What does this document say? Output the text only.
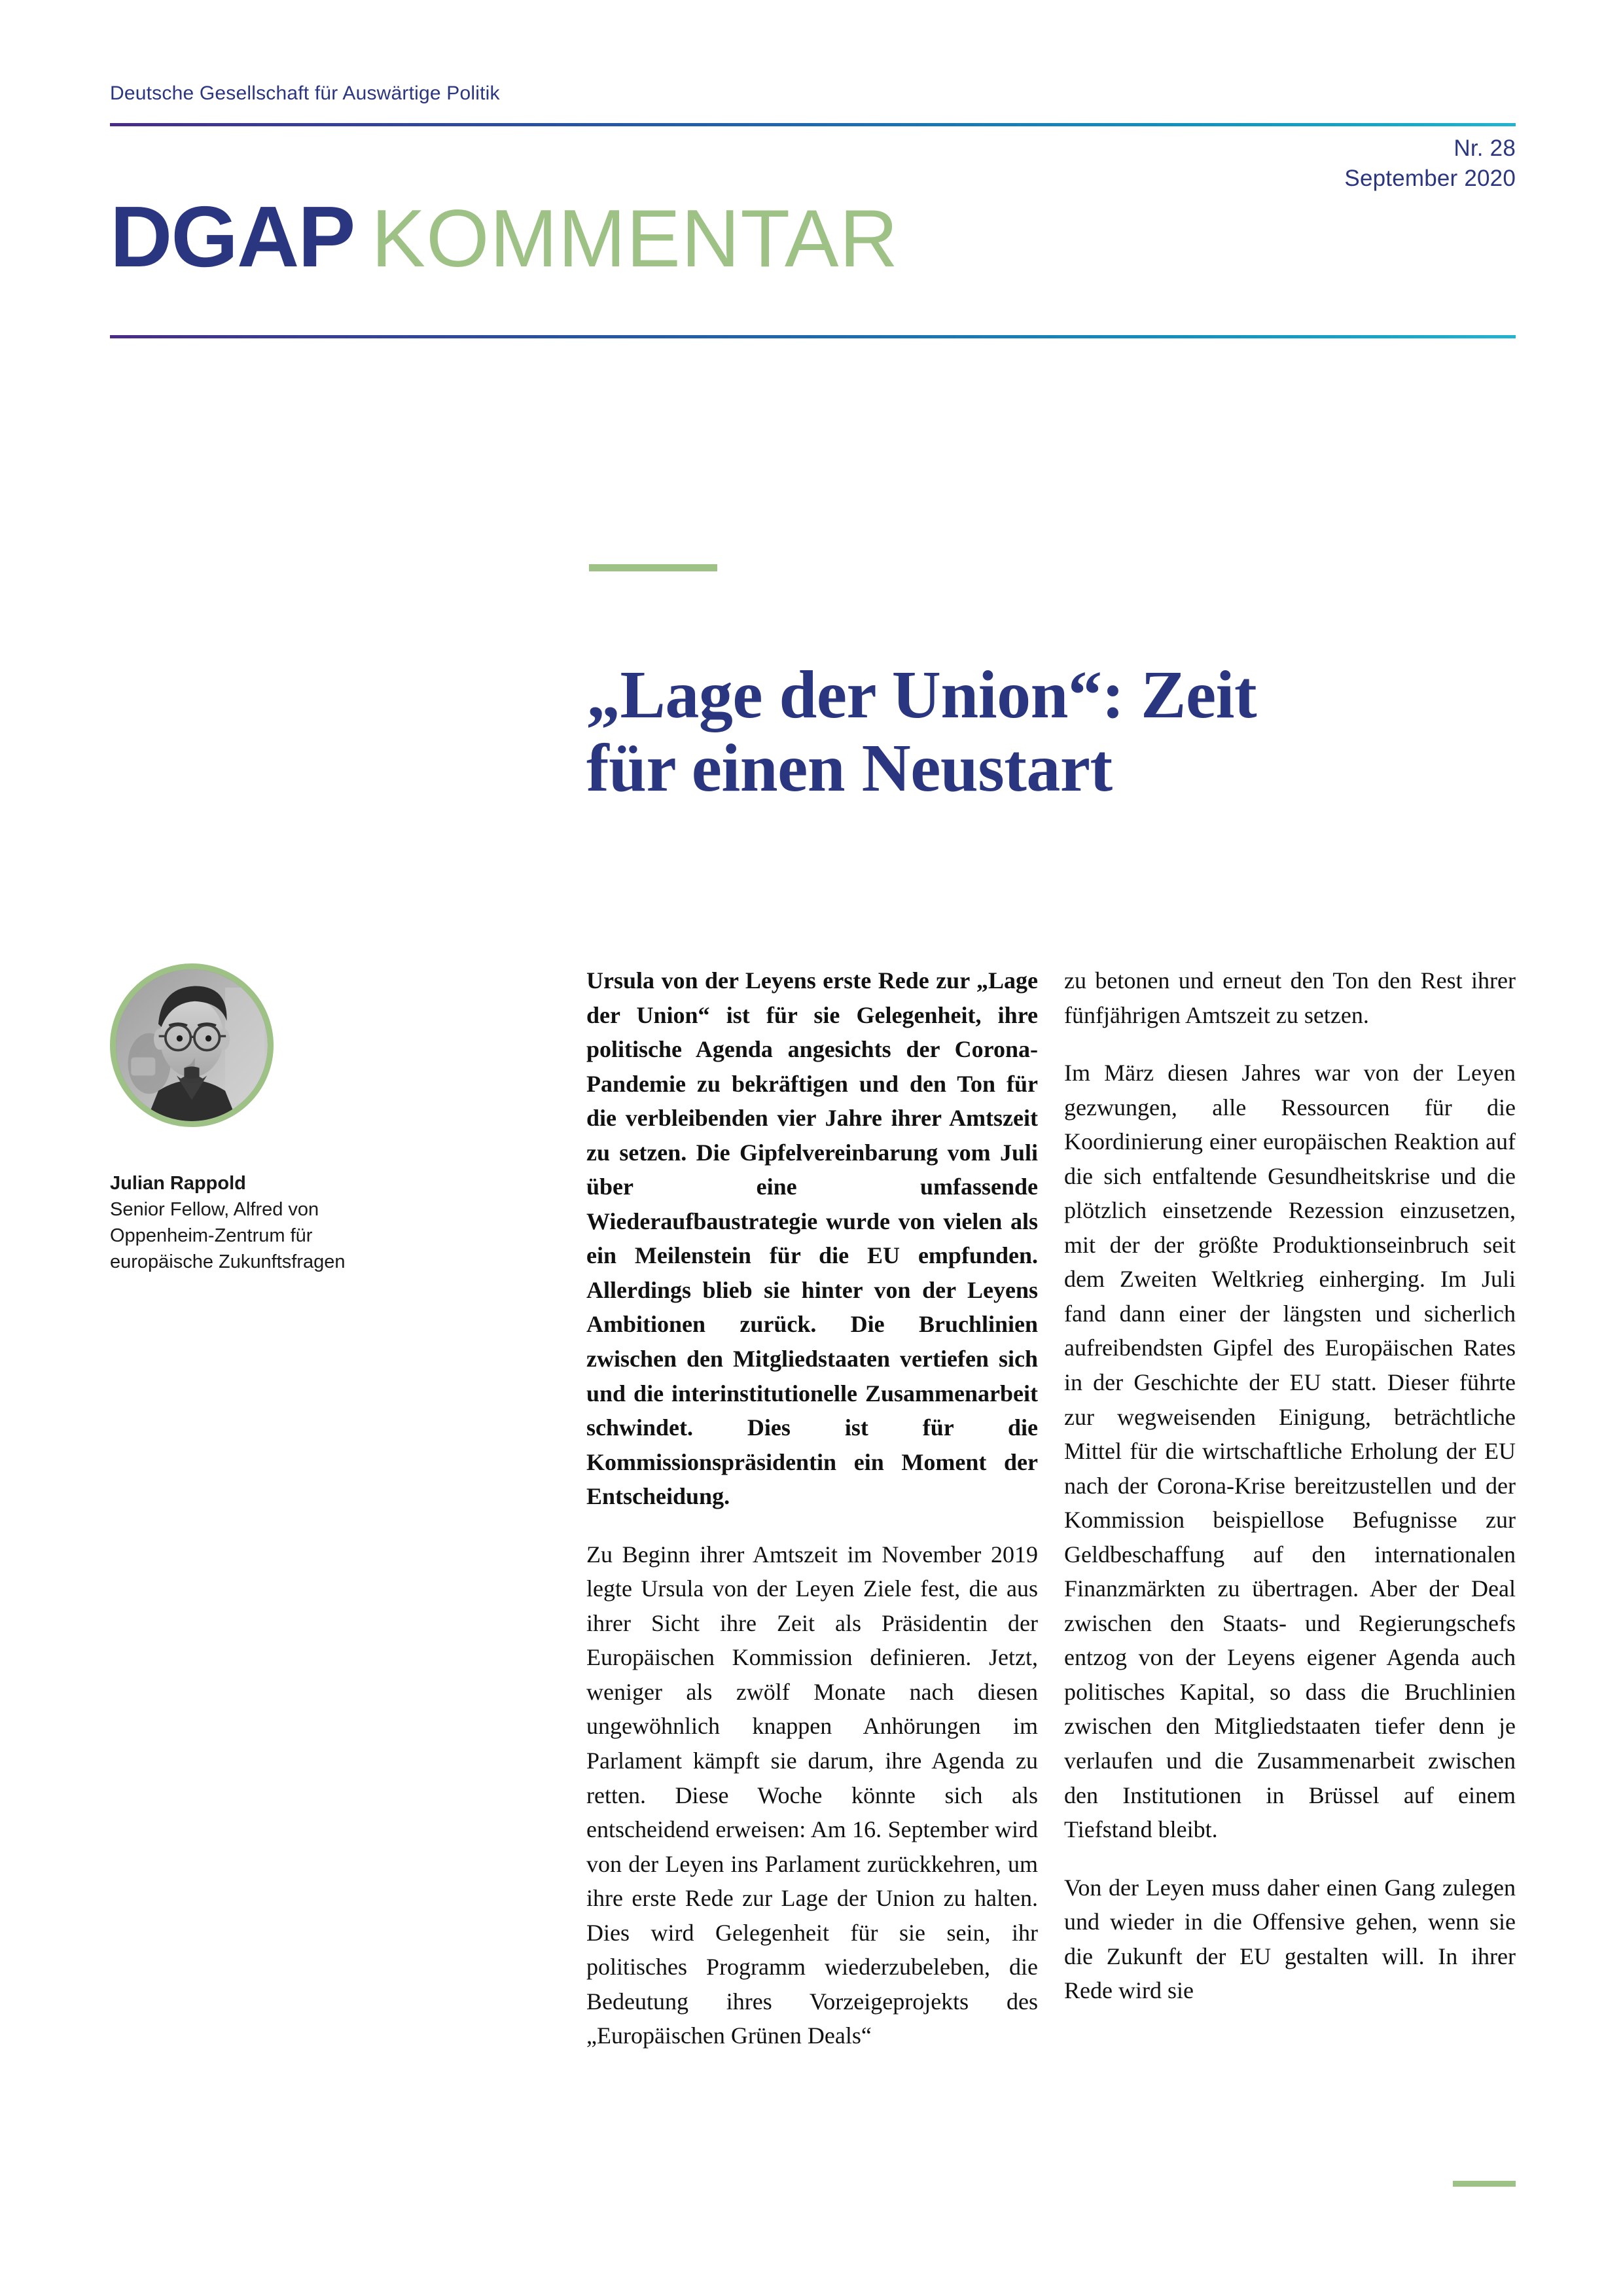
Deutsche Gesellschaft für Auswärtige Politik
Nr. 28
September 2020
DGAP KOMMENTAR
„Lage der Union“: Zeit für einen Neustart
Julian Rappold
Senior Fellow, Alfred von Oppenheim-Zentrum für europäische Zukunftsfragen

Ursula von der Leyens erste Rede zur „Lage der Union“ ist für sie Gelegenheit, ihre politische Agenda angesichts der Corona-Pandemie zu bekräftigen und den Ton für die verbleibenden vier Jahre ihrer Amtszeit zu setzen. Die Gipfelvereinbarung vom Juli über eine umfassende Wiederaufbaustrategie wurde von vielen als ein Meilenstein für die EU empfunden. Allerdings blieb sie hinter von der Leyens Ambitionen zurück. Die Bruchlinien zwischen den Mitgliedstaaten vertiefen sich und die interinstitutionelle Zusammenarbeit schwindet. Dies ist für die Kommissionspräsidentin ein Moment der Entscheidung.

Zu Beginn ihrer Amtszeit im November 2019 legte Ursula von der Leyen Ziele fest, die aus ihrer Sicht ihre Zeit als Präsidentin der Europäischen Kommission definieren. Jetzt, weniger als zwölf Monate nach diesen ungewöhnlich knappen Anhörungen im Parlament kämpft sie darum, ihre Agenda zu retten. Diese Woche könnte sich als entscheidend erweisen: Am 16. September wird von der Leyen ins Parlament zurückkehren, um ihre erste Rede zur Lage der Union zu halten. Dies wird Gelegenheit für sie sein, ihr politisches Programm wiederzubeleben, die Bedeutung ihres Vorzeigeprojekts des „Europäischen Grünen Deals“

zu betonen und erneut den Ton den Rest ihrer fünfjährigen Amtszeit zu setzen.

Im März diesen Jahres war von der Leyen gezwungen, alle Ressourcen für die Koordinierung einer europäischen Reaktion auf die sich entfaltende Gesundheitskrise und die plötzlich einsetzende Rezession einzusetzen, mit der der größte Produktionseinbruch seit dem Zweiten Weltkrieg einherging. Im Juli fand dann einer der längsten und sicherlich aufreibendsten Gipfel des Europäischen Rates in der Geschichte der EU statt. Dieser führte zur wegweisenden Einigung, beträchtliche Mittel für die wirtschaftliche Erholung der EU nach der Corona-Krise bereitzustellen und der Kommission beispiellose Befugnisse zur Geldbeschaffung auf den internationalen Finanzmärkten zu übertragen. Aber der Deal zwischen den Staats- und Regierungschefs entzog von der Leyens eigener Agenda auch politisches Kapital, so dass die Bruchlinien zwischen den Mitgliedstaaten tiefer denn je verlaufen und die Zusammenarbeit zwischen den Institutionen in Brüssel auf einem Tiefstand bleibt.

Von der Leyen muss daher einen Gang zulegen und wieder in die Offensive gehen, wenn sie die Zukunft der EU gestalten will. In ihrer Rede wird sie
